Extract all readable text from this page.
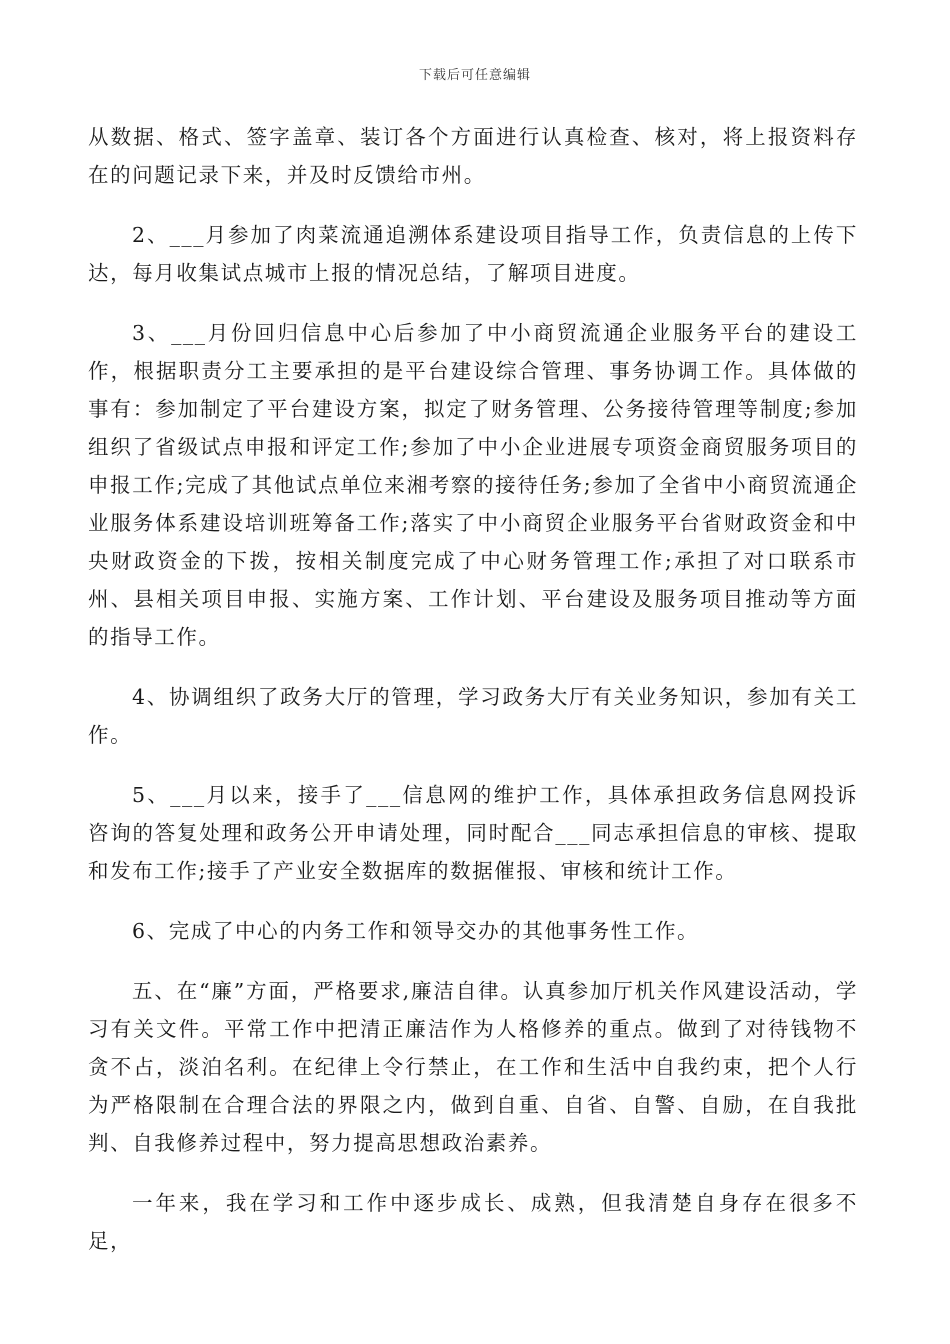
下载后可任意编辑

从数据、格式、签字盖章、装订各个方面进行认真检查、核对，将上报资料存在的问题记录下来，并及时反馈给市州。

2、___月参加了肉菜流通追溯体系建设项目指导工作，负责信息的上传下达，每月收集试点城市上报的情况总结，了解项目进度。

3、___月份回归信息中心后参加了中小商贸流通企业服务平台的建设工作，根据职责分工主要承担的是平台建设综合管理、事务协调工作。具体做的事有：参加制定了平台建设方案，拟定了财务管理、公务接待管理等制度;参加组织了省级试点申报和评定工作;参加了中小企业进展专项资金商贸服务项目的申报工作;完成了其他试点单位来湘考察的接待任务;参加了全省中小商贸流通企业服务体系建设培训班筹备工作;落实了中小商贸企业服务平台省财政资金和中央财政资金的下拨，按相关制度完成了中心财务管理工作;承担了对口联系市州、县相关项目申报、实施方案、工作计划、平台建设及服务项目推动等方面的指导工作。

4、协调组织了政务大厅的管理，学习政务大厅有关业务知识，参加有关工作。

5、___月以来，接手了___信息网的维护工作，具体承担政务信息网投诉咨询的答复处理和政务公开申请处理，同时配合___同志承担信息的审核、提取和发布工作;接手了产业安全数据库的数据催报、审核和统计工作。

6、完成了中心的内务工作和领导交办的其他事务性工作。

五、在“廉”方面，严格要求,廉洁自律。认真参加厅机关作风建设活动，学习有关文件。平常工作中把清正廉洁作为人格修养的重点。做到了对待钱物不贪不占，淡泊名利。在纪律上令行禁止，在工作和生活中自我约束，把个人行为严格限制在合理合法的界限之内，做到自重、自省、自警、自励，在自我批判、自我修养过程中，努力提高思想政治素养。

一年来，我在学习和工作中逐步成长、成熟，但我清楚自身存在很多不足，
